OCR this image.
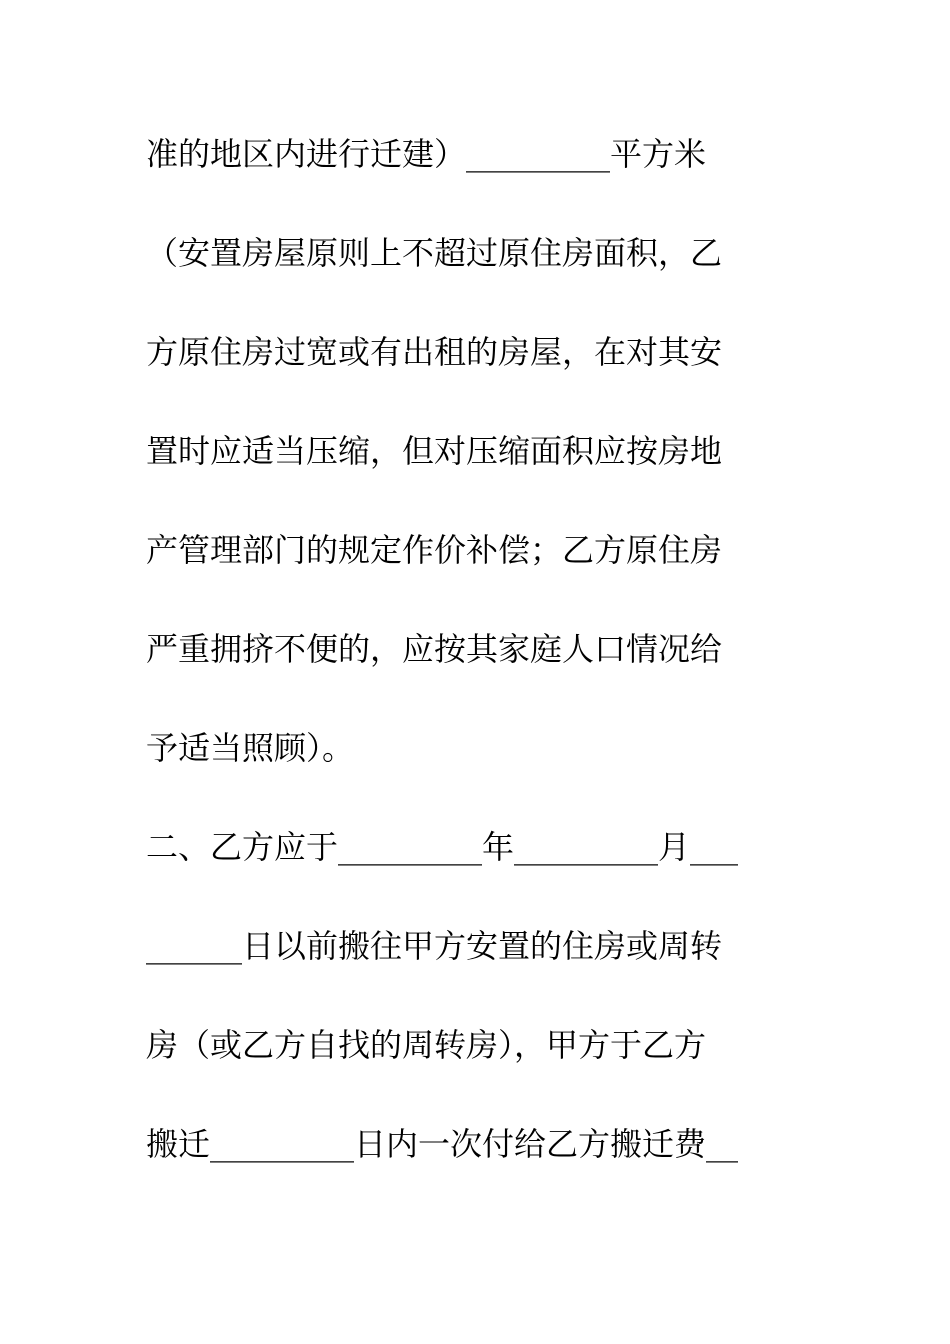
准的地区内进行迁建）_________平方米
（安置房屋原则上不超过原住房面积，乙
方原住房过宽或有出租的房屋，在对其安
置时应适当压缩，但对压缩面积应按房地
产管理部门的规定作价补偿；乙方原住房
严重拥挤不便的，应按其家庭人口情况给
予适当照顾）。
二、乙方应于_________年_________月___
______日以前搬往甲方安置的住房或周转
房（或乙方自找的周转房），甲方于乙方
搬迁_________日内一次付给乙方搬迁费__
